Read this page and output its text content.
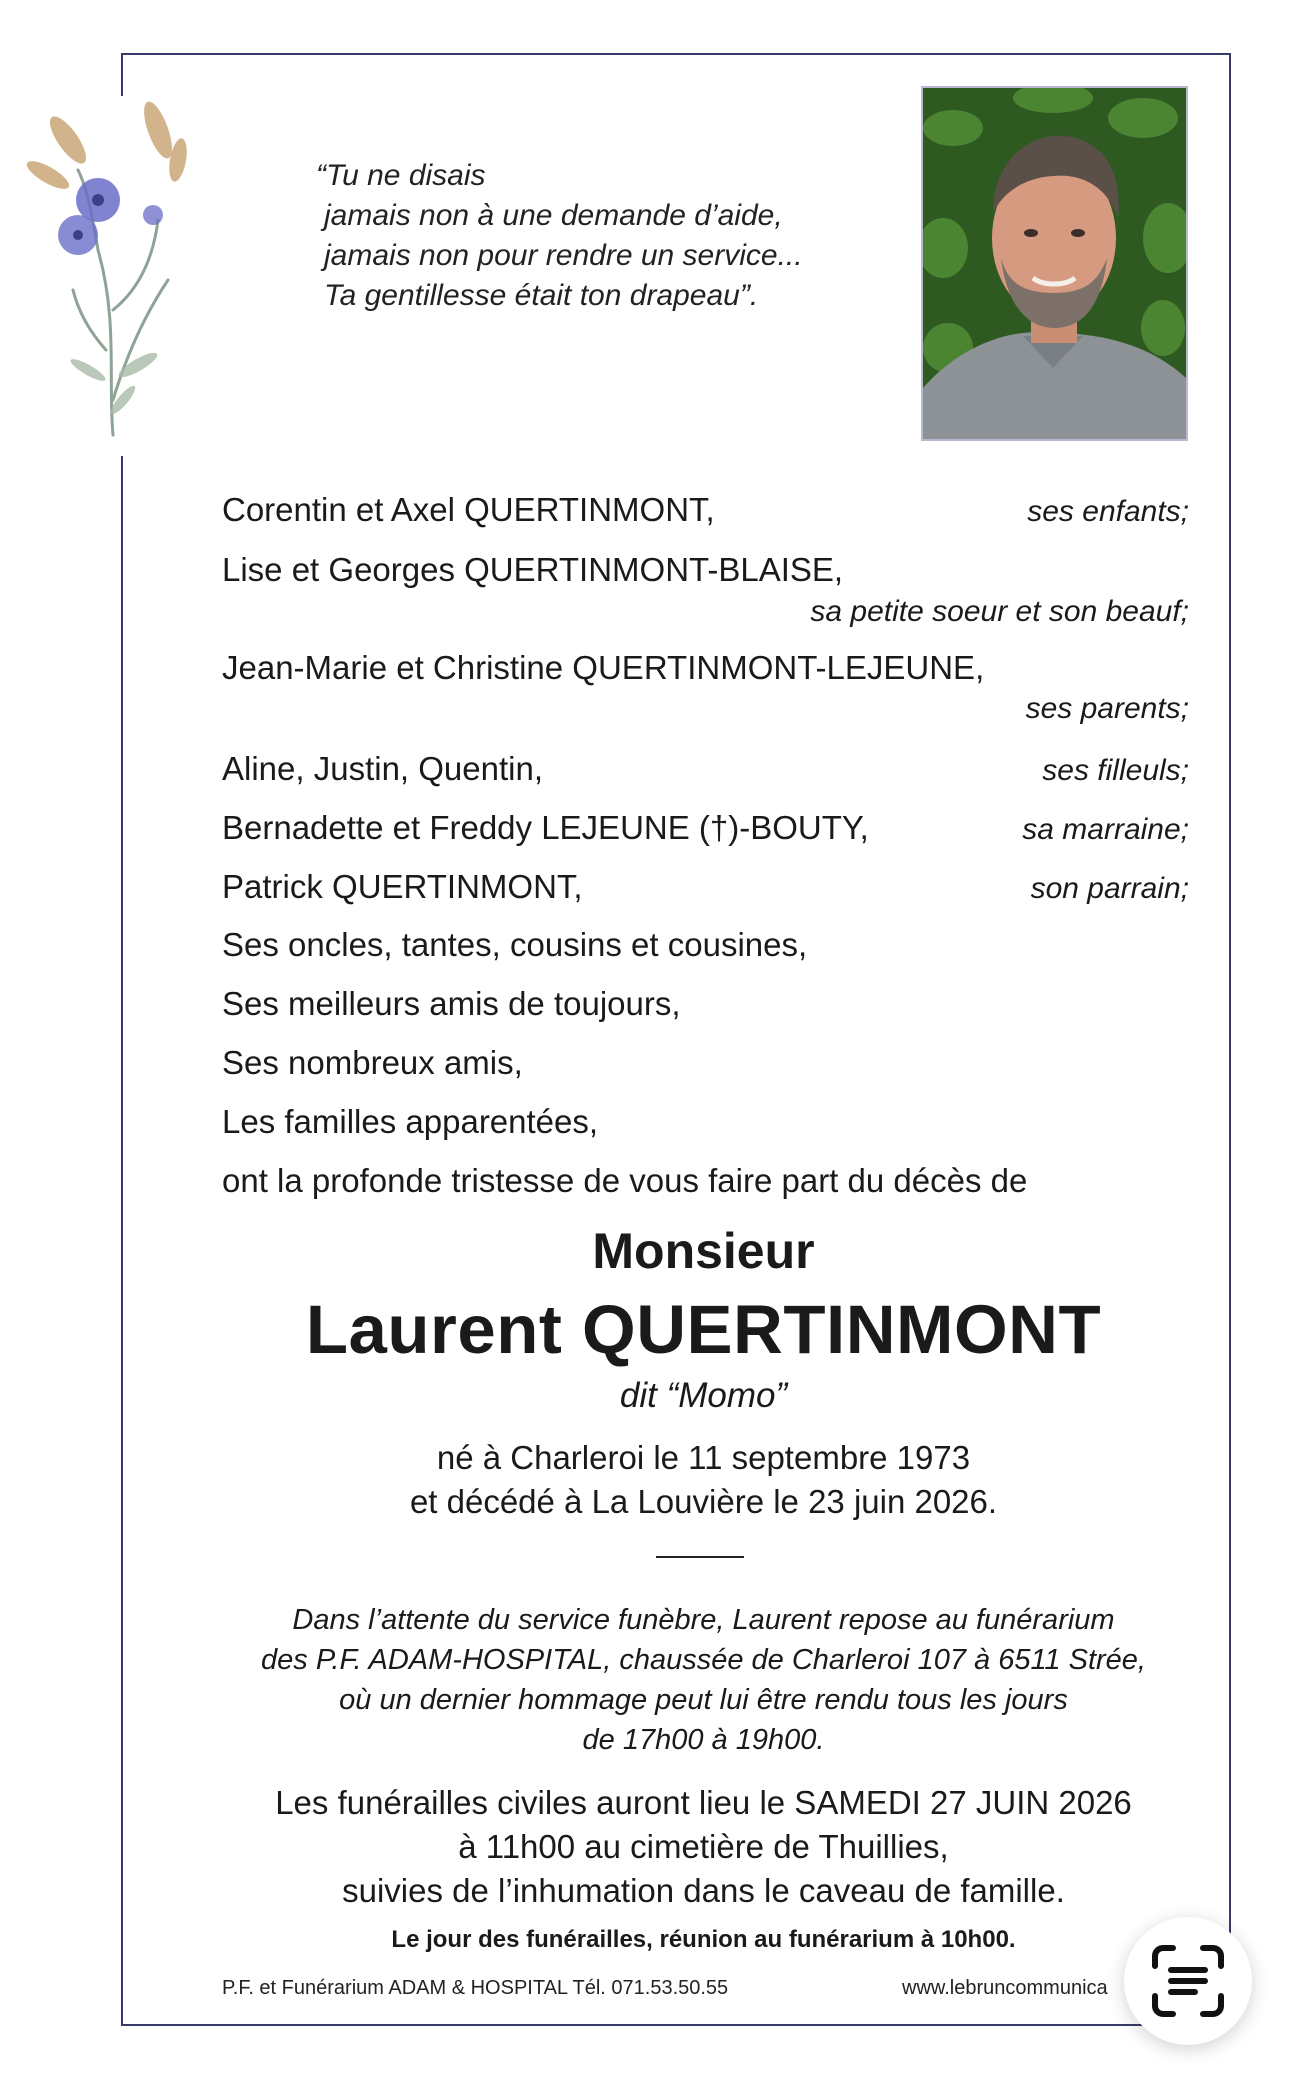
“Tu ne disais
jamais non à une demande d’aide,
jamais non pour rendre un service...
Ta gentillesse était ton drapeau”.
Corentin et Axel QUERTINMONT,	ses enfants;
Lise et Georges QUERTINMONT-BLAISE,
sa petite soeur et son beauf;
Jean-Marie et Christine QUERTINMONT-LEJEUNE,
ses parents;
Aline, Justin, Quentin,	ses filleuls;
Bernadette et Freddy LEJEUNE (†)-BOUTY,	sa marraine;
Patrick QUERTINMONT,	son parrain;
Ses oncles, tantes, cousins et cousines,
Ses meilleurs amis de toujours,
Ses nombreux amis,
Les familles apparentées,
ont la profonde tristesse de vous faire part du décès de
Monsieur
Laurent QUERTINMONT
dit “Momo”
né à Charleroi le 11 septembre 1973
et décédé à La Louvière le 23 juin 2026.
Dans l’attente du service funèbre, Laurent repose au funérarium
des P.F. ADAM-HOSPITAL, chaussée de Charleroi 107 à 6511 Strée,
où un dernier hommage peut lui être rendu tous les jours
de 17h00 à 19h00.
Les funérailles civiles auront lieu le SAMEDI 27 JUIN 2026
à 11h00 au cimetière de Thuillies,
suivies de l’inhumation dans le caveau de famille.
Le jour des funérailles, réunion au funérarium à 10h00.
P.F. et Funérarium ADAM & HOSPITAL Tél. 071.53.50.55	www.lebruncommunica
